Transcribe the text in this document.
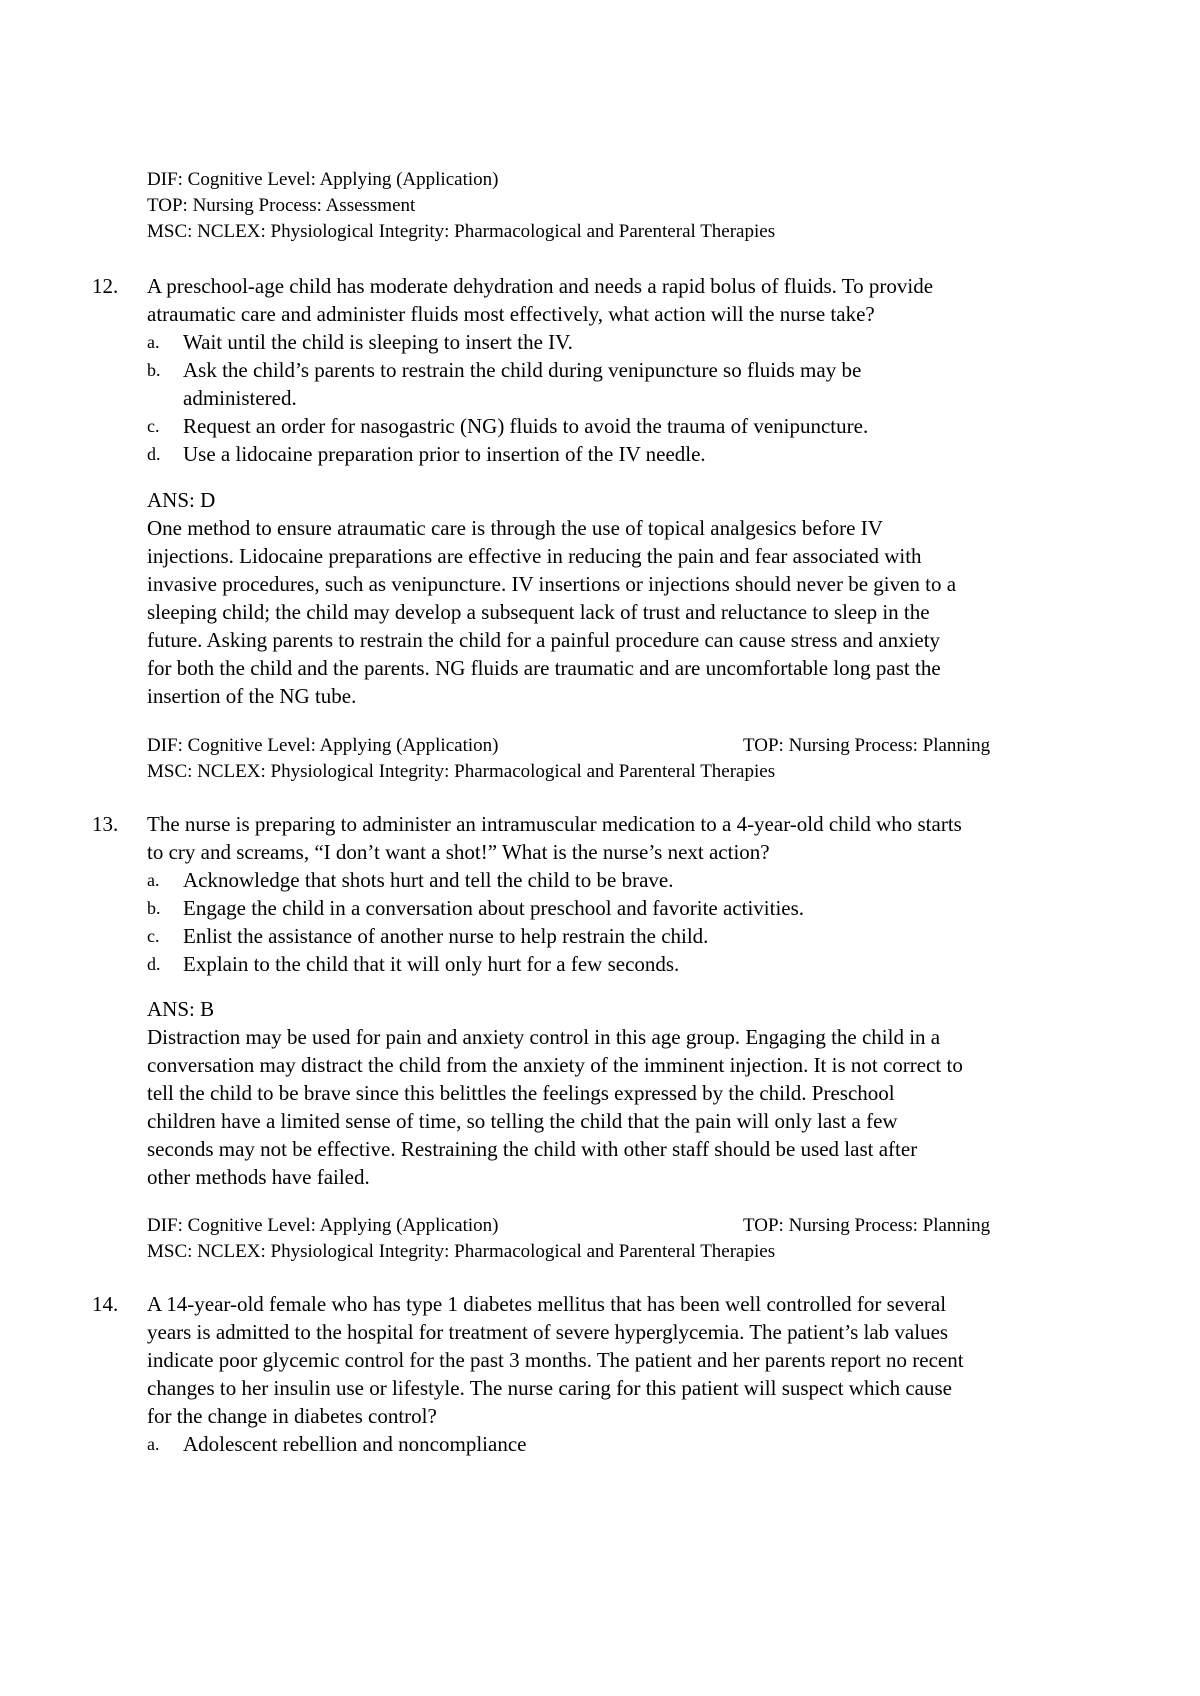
DIF: Cognitive Level: Applying (Application)
TOP: Nursing Process: Assessment
MSC: NCLEX: Physiological Integrity: Pharmacological and Parenteral Therapies
12.	A preschool-age child has moderate dehydration and needs a rapid bolus of fluids. To provide
atraumatic care and administer fluids most effectively, what action will the nurse take?
a. Wait until the child is sleeping to insert the IV.
b. Ask the child’s parents to restrain the child during venipuncture so fluids may be
administered.
c. Request an order for nasogastric (NG) fluids to avoid the trauma of venipuncture.
d. Use a lidocaine preparation prior to insertion of the IV needle.
ANS: D
One method to ensure atraumatic care is through the use of topical analgesics before IV
injections. Lidocaine preparations are effective in reducing the pain and fear associated with
invasive procedures, such as venipuncture. IV insertions or injections should never be given to a
sleeping child; the child may develop a subsequent lack of trust and reluctance to sleep in the
future. Asking parents to restrain the child for a painful procedure can cause stress and anxiety
for both the child and the parents. NG fluids are traumatic and are uncomfortable long past the
insertion of the NG tube.
DIF: Cognitive Level: Applying (Application)	TOP: Nursing Process: Planning
MSC: NCLEX: Physiological Integrity: Pharmacological and Parenteral Therapies
13.	The nurse is preparing to administer an intramuscular medication to a 4-year-old child who starts
to cry and screams, “I don’t want a shot!” What is the nurse’s next action?
a. Acknowledge that shots hurt and tell the child to be brave.
b. Engage the child in a conversation about preschool and favorite activities.
c. Enlist the assistance of another nurse to help restrain the child.
d. Explain to the child that it will only hurt for a few seconds.
ANS: B
Distraction may be used for pain and anxiety control in this age group. Engaging the child in a
conversation may distract the child from the anxiety of the imminent injection. It is not correct to
tell the child to be brave since this belittles the feelings expressed by the child. Preschool
children have a limited sense of time, so telling the child that the pain will only last a few
seconds may not be effective. Restraining the child with other staff should be used last after
other methods have failed.
DIF: Cognitive Level: Applying (Application)	TOP: Nursing Process: Planning
MSC: NCLEX: Physiological Integrity: Pharmacological and Parenteral Therapies
14.	A 14-year-old female who has type 1 diabetes mellitus that has been well controlled for several
years is admitted to the hospital for treatment of severe hyperglycemia. The patient’s lab values
indicate poor glycemic control for the past 3 months. The patient and her parents report no recent
changes to her insulin use or lifestyle. The nurse caring for this patient will suspect which cause
for the change in diabetes control?
a. Adolescent rebellion and noncompliance
